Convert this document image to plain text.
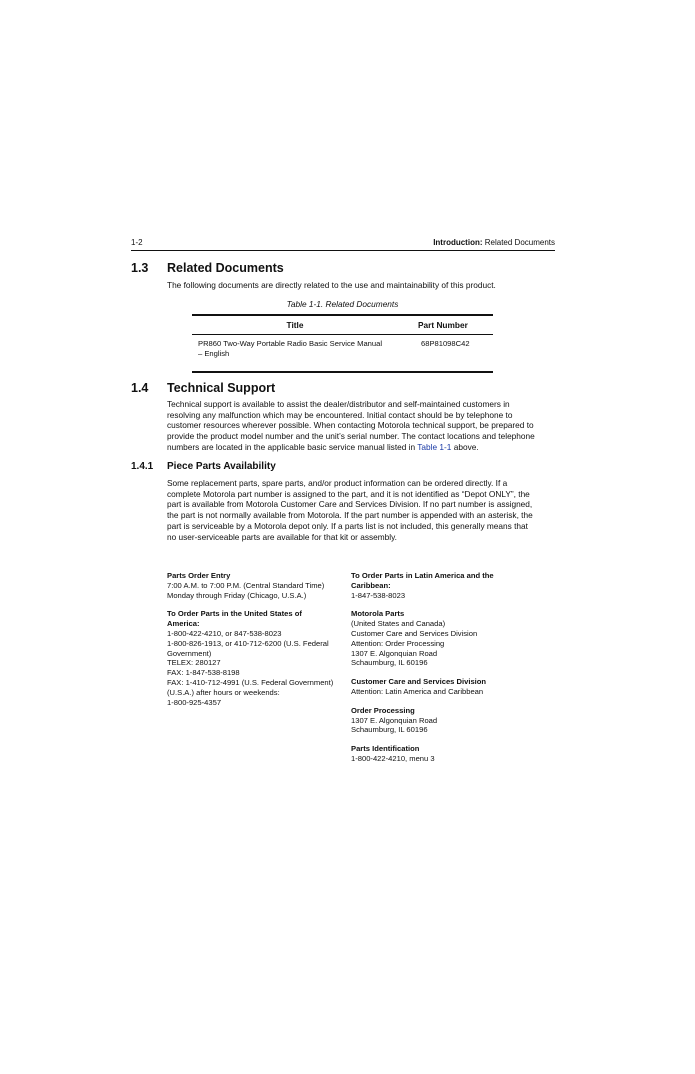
1-2	Introduction: Related Documents
1.3 Related Documents
The following documents are directly related to the use and maintainability of this product.
Table 1-1. Related Documents
Title	Part Number
PR860 Two-Way Portable Radio Basic Service Manual
– English
68P81098C42
1.4 Technical Support
Technical support is available to assist the dealer/distributor and self-maintained customers in
resolving any malfunction which may be encountered. Initial contact should be by telephone to
customer resources wherever possible. When contacting Motorola technical support, be prepared to
provide the product model number and the unit’s serial number. The contact locations and telephone
numbers are located in the applicable basic service manual listed in Table 1-1 above.
1.4.1 Piece Parts Availability
Some replacement parts, spare parts, and/or product information can be ordered directly. If a
complete Motorola part number is assigned to the part, and it is not identified as “Depot ONLY”, the
part is available from Motorola Customer Care and Services Division. If no part number is assigned,
the part is not normally available from Motorola. If the part number is appended with an asterisk, the
part is serviceable by a Motorola depot only. If a parts list is not included, this generally means that
no user-serviceable parts are available for that kit or assembly.
Parts Order Entry
7:00 A.M. to 7:00 P.M. (Central Standard Time)
Monday through Friday (Chicago, U.S.A.)
To Order Parts in the United States of
America:
1-800-422-4210, or 847-538-8023
1-800-826-1913, or 410-712-6200 (U.S. Federal
Government)
TELEX: 280127
FAX: 1-847-538-8198
FAX: 1-410-712-4991 (U.S. Federal Government)
(U.S.A.) after hours or weekends:
1-800-925-4357
To Order Parts in Latin America and the
Caribbean:
1-847-538-8023
Motorola Parts
(United States and Canada)
Customer Care and Services Division
Attention: Order Processing
1307 E. Algonquian Road
Schaumburg, IL 60196
Customer Care and Services Division
Attention: Latin America and Caribbean
Order Processing
1307 E. Algonquian Road
Schaumburg, IL 60196
Parts Identification
1-800-422-4210, menu 3
